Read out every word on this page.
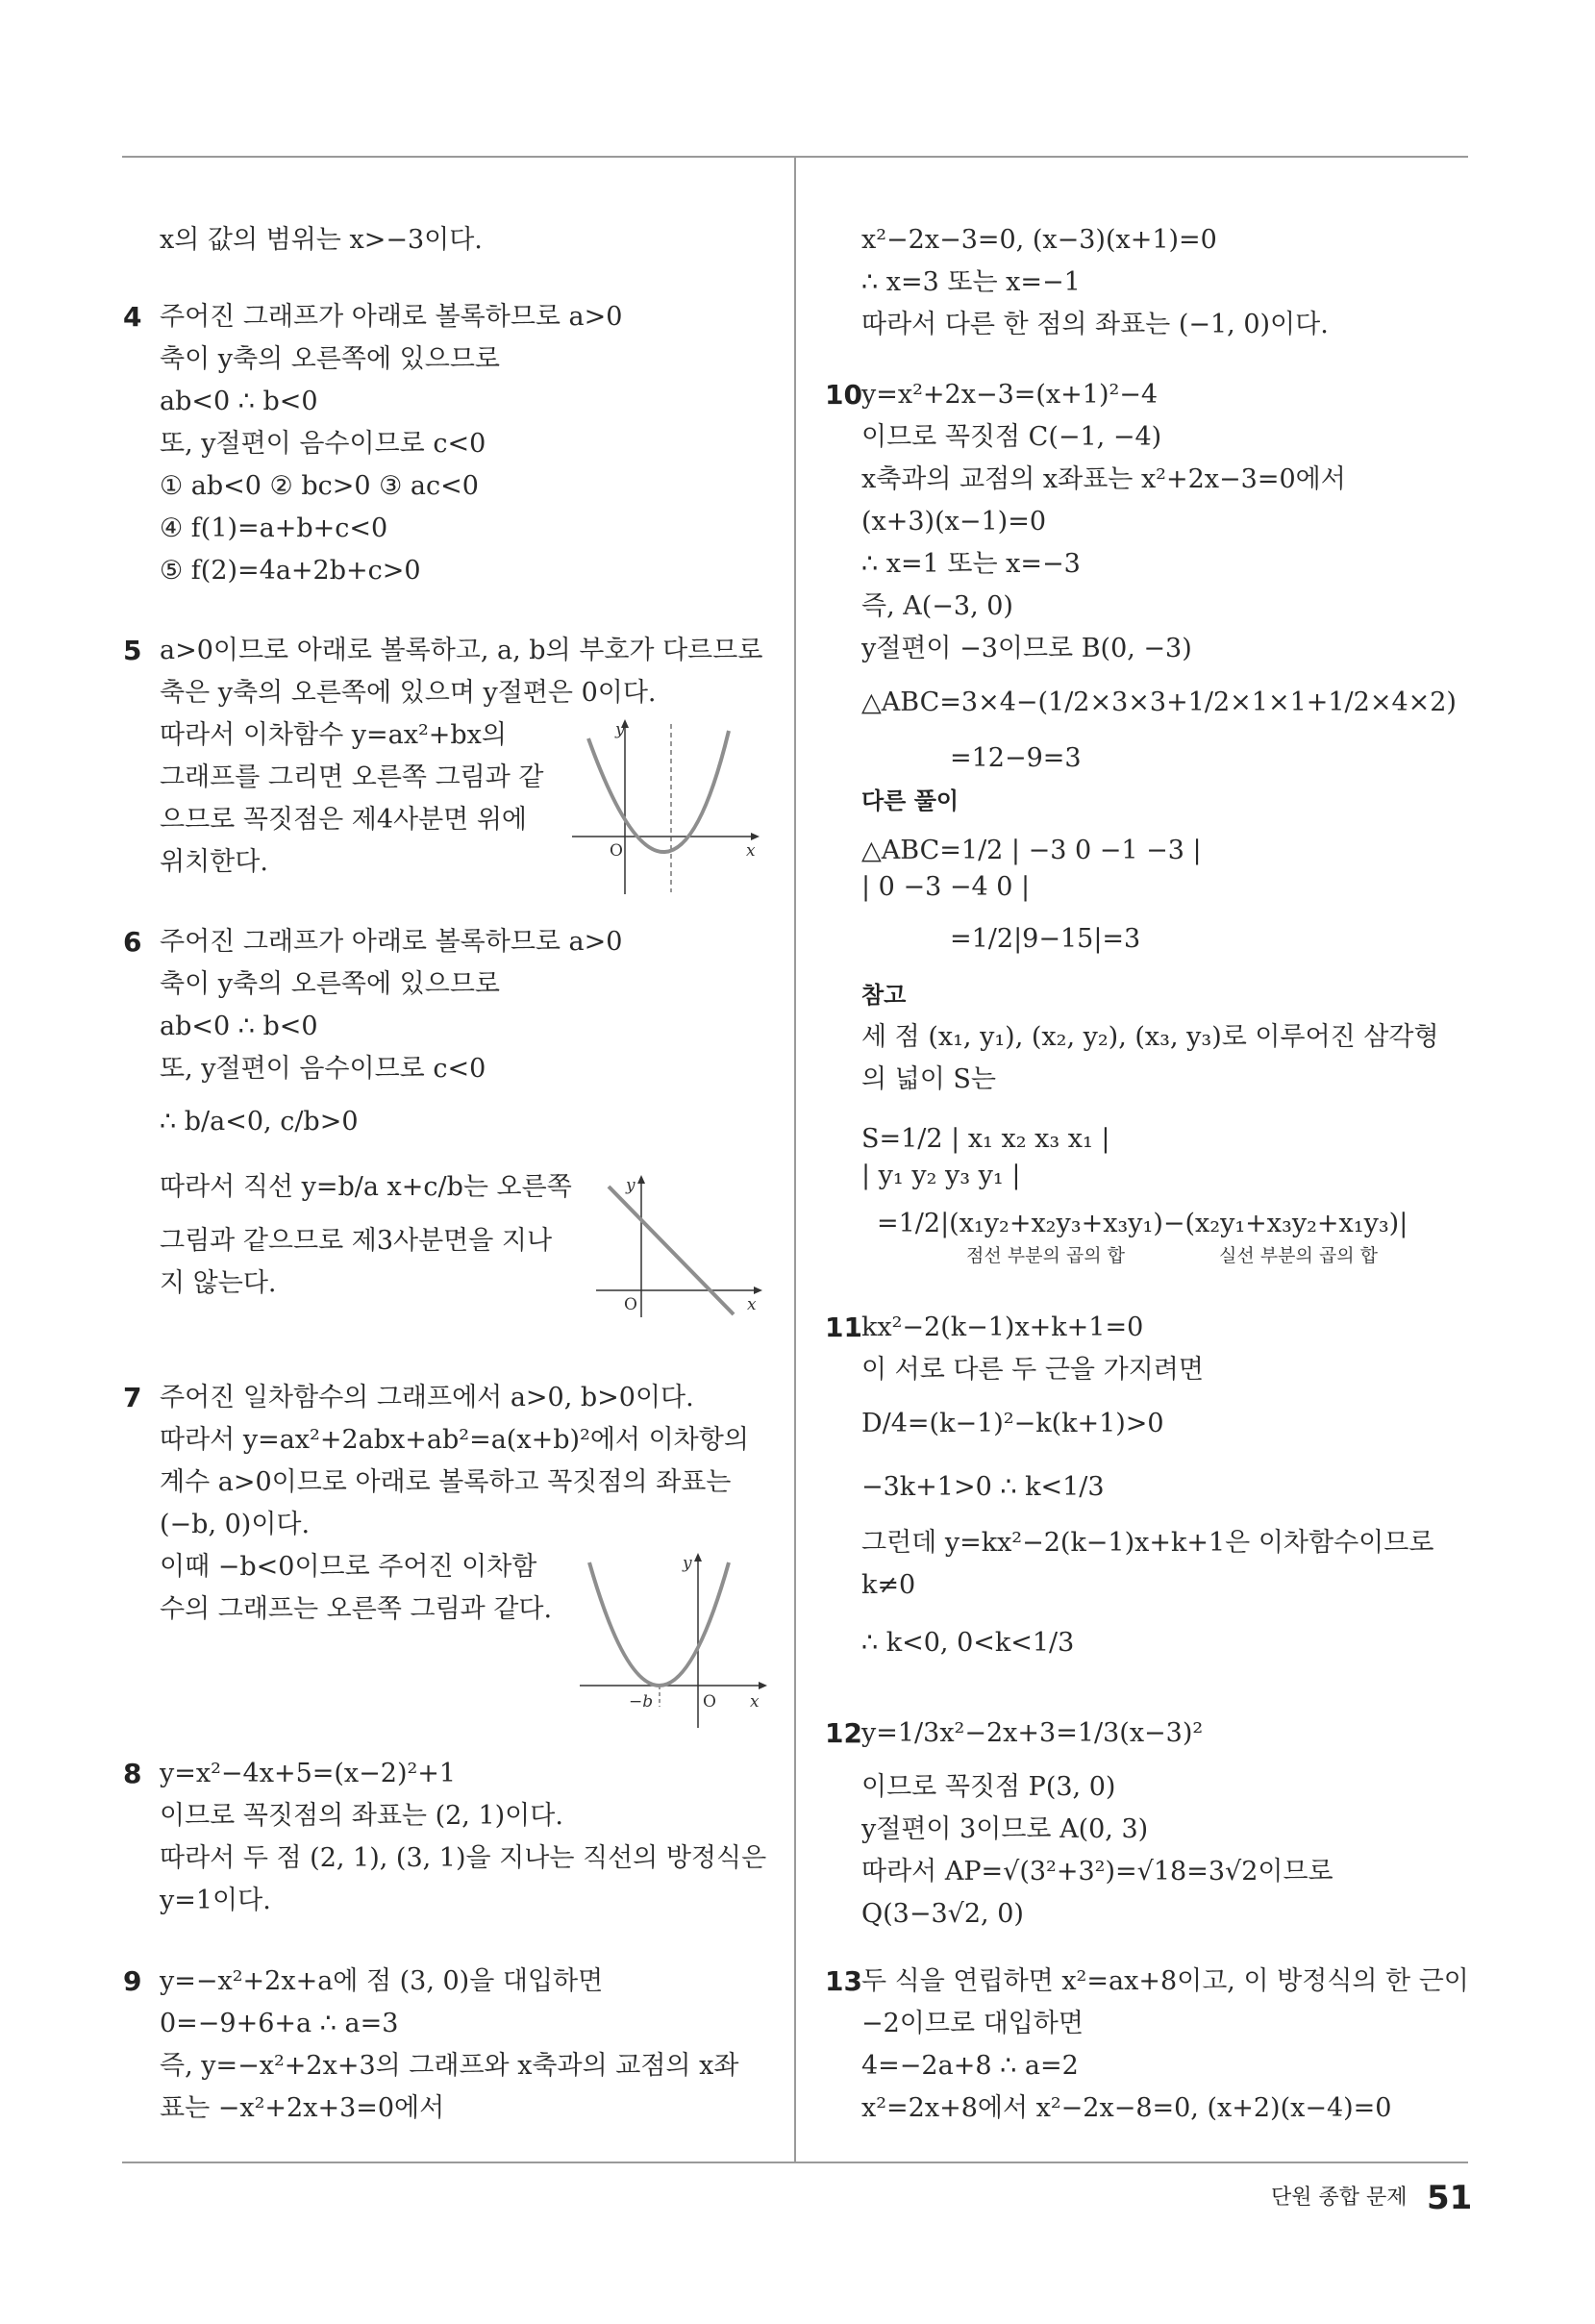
x의 값의 범위는 x>−3이다.
4 주어진 그래프가 아래로 볼록하므로 a>0
축이 y축의 오른쪽에 있으므로
ab<0 ∴ b<0
또, y절편이 음수이므로 c<0
① ab<0 ② bc>0 ③ ac<0
④ f(1)=a+b+c<0
⑤ f(2)=4a+2b+c>0
5 a>0이므로 아래로 볼록하고, a, b의 부호가 다르므로
축은 y축의 오른쪽에 있으며 y절편은 0이다.
따라서 이차함수 y=ax²+bx의
그래프를 그리면 오른쪽 그림과 같
으므로 꼭짓점은 제4사분면 위에
위치한다.
y
x
O
6 주어진 그래프가 아래로 볼록하므로 a>0
축이 y축의 오른쪽에 있으므로
ab<0 ∴ b<0
또, y절편이 음수이므로 c<0
∴ b/a<0, c/b>0
따라서 직선 y=b/a x+c/b는 오른쪽
그림과 같으므로 제3사분면을 지나
지 않는다.
y
x
O
7 주어진 일차함수의 그래프에서 a>0, b>0이다.
따라서 y=ax²+2abx+ab²=a(x+b)²에서 이차항의
계수 a>0이므로 아래로 볼록하고 꼭짓점의 좌표는
(−b, 0)이다.
이때 −b<0이므로 주어진 이차함
수의 그래프는 오른쪽 그림과 같다.
y
x
O
−b
8 y=x²−4x+5=(x−2)²+1
이므로 꼭짓점의 좌표는 (2, 1)이다.
따라서 두 점 (2, 1), (3, 1)을 지나는 직선의 방정식은
y=1이다.
9 y=−x²+2x+a에 점 (3, 0)을 대입하면
0=−9+6+a ∴ a=3
즉, y=−x²+2x+3의 그래프와 x축과의 교점의 x좌
표는 −x²+2x+3=0에서
x²−2x−3=0, (x−3)(x+1)=0
∴ x=3 또는 x=−1
따라서 다른 한 점의 좌표는 (−1, 0)이다.
10 y=x²+2x−3=(x+1)²−4
이므로 꼭짓점 C(−1, −4)
x축과의 교점의 x좌표는 x²+2x−3=0에서
(x+3)(x−1)=0
∴ x=1 또는 x=−3
즉, A(−3, 0)
y절편이 −3이므로 B(0, −3)
△ABC=3×4−(1/2×3×3+1/2×1×1+1/2×4×2)
=12−9=3
다른 풀이
△ABC=1/2 | −3 0 −1 −3 |
| 0 −3 −4 0 |
=1/2|9−15|=3
참고
세 점 (x₁, y₁), (x₂, y₂), (x₃, y₃)로 이루어진 삼각형
의 넓이 S는
S=1/2 | x₁ x₂ x₃ x₁ |
| y₁ y₂ y₃ y₁ |
=1/2|(x₁y₂+x₂y₃+x₃y₁)−(x₂y₁+x₃y₂+x₁y₃)|
점선 부분의 곱의 합	실선 부분의 곱의 합
11 kx²−2(k−1)x+k+1=0
이 서로 다른 두 근을 가지려면
D/4=(k−1)²−k(k+1)>0
−3k+1>0 ∴ k<1/3
그런데 y=kx²−2(k−1)x+k+1은 이차함수이므로
k≠0
∴ k<0, 0<k<1/3
12 y=1/3x²−2x+3=1/3(x−3)²
이므로 꼭짓점 P(3, 0)
y절편이 3이므로 A(0, 3)
따라서 AP=√(3²+3²)=√18=3√2이므로
Q(3−3√2, 0)
13 두 식을 연립하면 x²=ax+8이고, 이 방정식의 한 근이
−2이므로 대입하면
4=−2a+8 ∴ a=2
x²=2x+8에서 x²−2x−8=0, (x+2)(x−4)=0
단원 종합 문제 51
